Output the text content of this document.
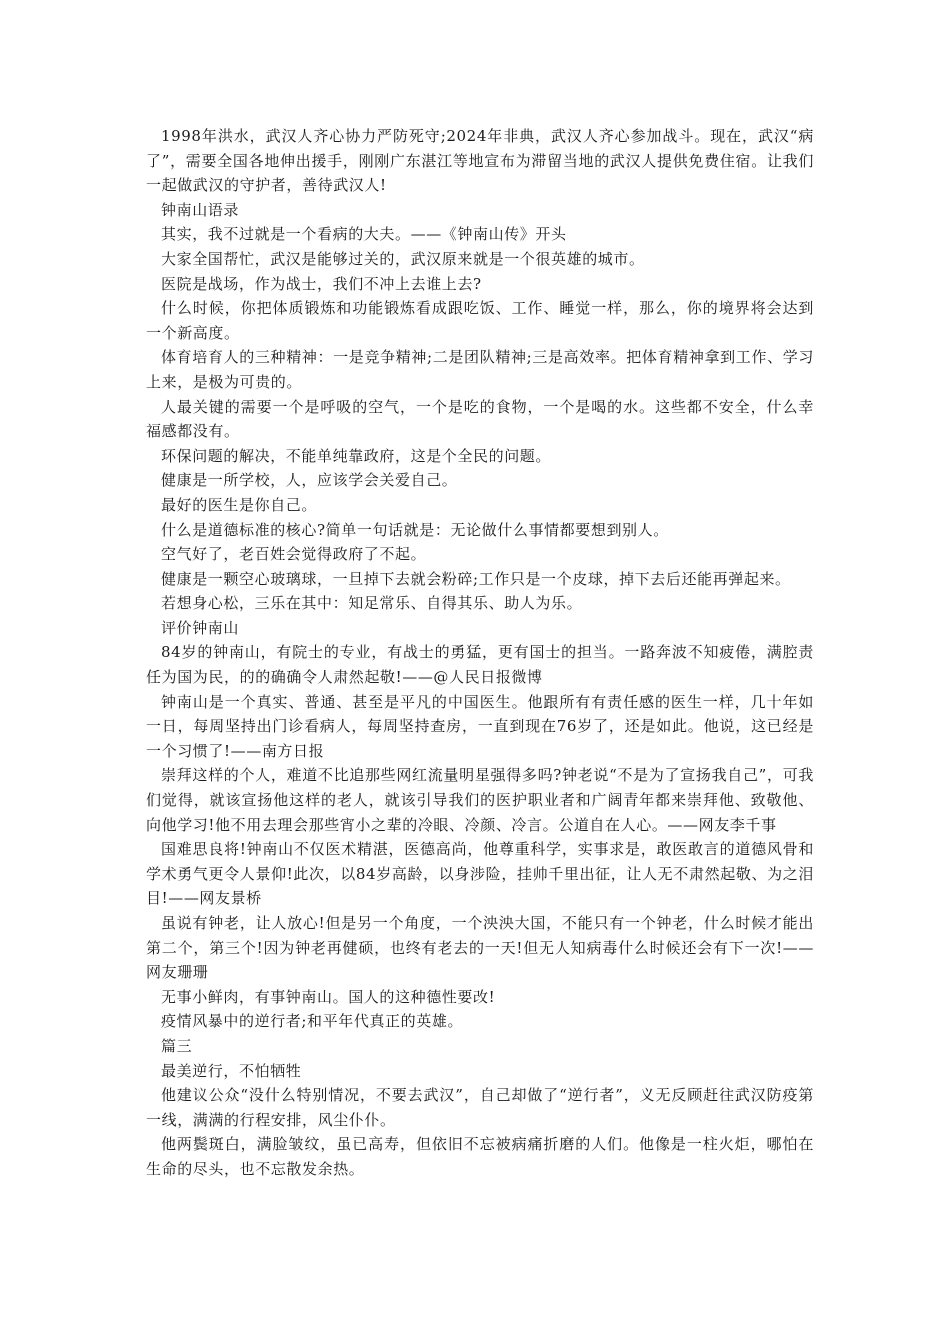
1998年洪水，武汉人齐心协力严防死守;2024年非典，武汉人齐心参加战斗。现在，武汉“病了”，需要全国各地伸出援手，刚刚广东湛江等地宣布为滞留当地的武汉人提供免费住宿。让我们一起做武汉的守护者，善待武汉人!

钟南山语录

其实，我不过就是一个看病的大夫。——《钟南山传》开头

大家全国帮忙，武汉是能够过关的，武汉原来就是一个很英雄的城市。

医院是战场，作为战士，我们不冲上去谁上去?

什么时候，你把体质锻炼和功能锻炼看成跟吃饭、工作、睡觉一样，那么，你的境界将会达到一个新高度。

体育培育人的三种精神：一是竞争精神;二是团队精神;三是高效率。把体育精神拿到工作、学习上来，是极为可贵的。

人最关键的需要一个是呼吸的空气，一个是吃的食物，一个是喝的水。这些都不安全，什么幸福感都没有。

环保问题的解决，不能单纯靠政府，这是个全民的问题。

健康是一所学校，人，应该学会关爱自己。

最好的医生是你自己。

什么是道德标准的核心?简单一句话就是：无论做什么事情都要想到别人。

空气好了，老百姓会觉得政府了不起。

健康是一颗空心玻璃球，一旦掉下去就会粉碎;工作只是一个皮球，掉下去后还能再弹起来。

若想身心松，三乐在其中：知足常乐、自得其乐、助人为乐。

评价钟南山

84岁的钟南山，有院士的专业，有战士的勇猛，更有国士的担当。一路奔波不知疲倦，满腔责任为国为民，的的确确令人肃然起敬!——@人民日报微博

钟南山是一个真实、普通、甚至是平凡的中国医生。他跟所有有责任感的医生一样，几十年如一日，每周坚持出门诊看病人，每周坚持查房，一直到现在76岁了，还是如此。他说，这已经是一个习惯了!——南方日报

崇拜这样的个人，难道不比追那些网红流量明星强得多吗?钟老说“不是为了宣扬我自己”，可我们觉得，就该宣扬他这样的老人，就该引导我们的医护职业者和广阔青年都来崇拜他、致敬他、向他学习!他不用去理会那些宵小之辈的冷眼、冷颜、冷言。公道自在人心。——网友李千事

国难思良将!钟南山不仅医术精湛，医德高尚，他尊重科学，实事求是，敢医敢言的道德风骨和学术勇气更令人景仰!此次，以84岁高龄，以身涉险，挂帅千里出征，让人无不肃然起敬、为之泪目!——网友景桥

虽说有钟老，让人放心!但是另一个角度，一个泱泱大国，不能只有一个钟老，什么时候才能出第二个，第三个!因为钟老再健硕，也终有老去的一天!但无人知病毒什么时候还会有下一次!——网友珊珊

无事小鲜肉，有事钟南山。国人的这种德性要改!

疫情风暴中的逆行者;和平年代真正的英雄。

篇三

最美逆行，不怕牺牲

他建议公众“没什么特别情况，不要去武汉”，自己却做了“逆行者”，义无反顾赶往武汉防疫第一线，满满的行程安排，风尘仆仆。

他两鬓斑白，满脸皱纹，虽已高寿，但依旧不忘被病痛折磨的人们。他像是一柱火炬，哪怕在生命的尽头，也不忘散发余热。
